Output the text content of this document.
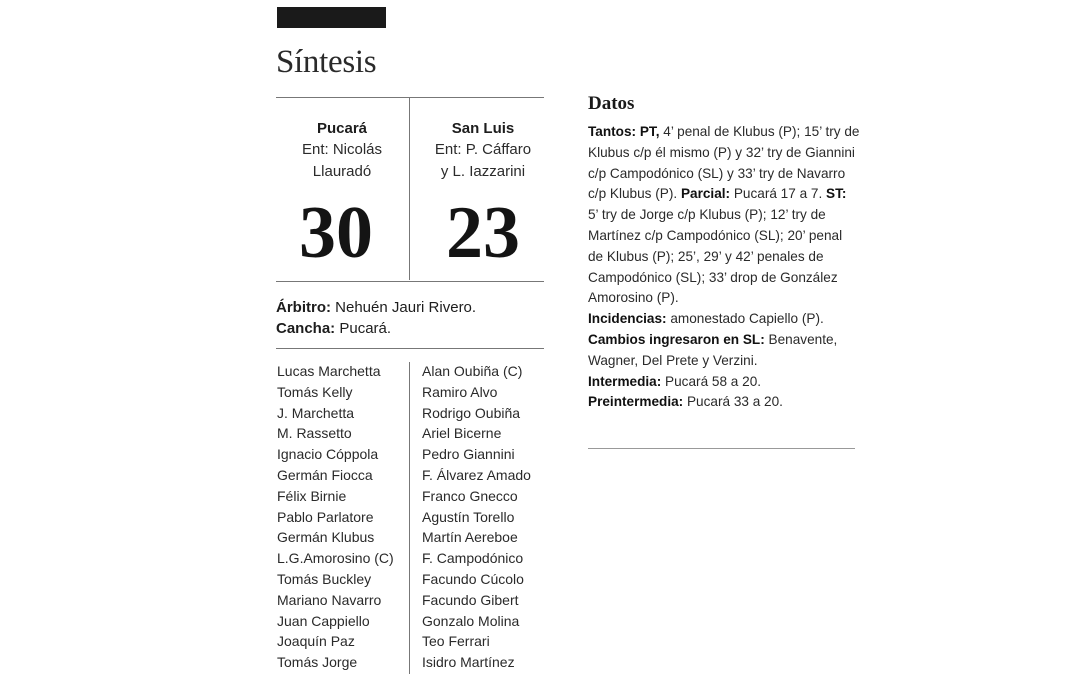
Síntesis
Pucará
Ent: Nicolás
Llauradó
San Luis
Ent: P. Cáffaro
y L. Iazzarini
30 23
Árbitro: Nehuén Jauri Rivero.
Cancha: Pucará.
Lucas Marchetta
Tomás Kelly
J. Marchetta
M. Rassetto
Ignacio Cóppola
Germán Fiocca
Félix Birnie
Pablo Parlatore
Germán Klubus
L.G.Amorosino (C)
Tomás Buckley
Mariano Navarro
Juan Cappiello
Joaquín Paz
Tomás Jorge
Alan Oubiña (C)
Ramiro Alvo
Rodrigo Oubiña
Ariel Bicerne
Pedro Giannini
F. Álvarez Amado
Franco Gnecco
Agustín Torello
Martín Aereboe
F. Campodónico
Facundo Cúcolo
Facundo Gibert
Gonzalo Molina
Teo Ferrari
Isidro Martínez
Datos
Tantos: PT, 4’ penal de Klubus (P); 15’ try de Klubus c/p él mismo (P) y 32’ try de Giannini c/p Campodónico (SL) y 33’ try de Navarro c/p Klubus (P). Parcial: Pucará 17 a 7. ST: 5’ try de Jorge c/p Klubus (P); 12’ try de Martínez c/p Campodónico (SL); 20’ penal de Klubus (P); 25’, 29’ y 42’ penales de Campodónico (SL); 33’ drop de González Amorosino (P).
Incidencias: amonestado Capiello (P).
Cambios ingresaron en SL: Benavente, Wagner, Del Prete y Verzini.
Intermedia: Pucará 58 a 20.
Preintermedia: Pucará 33 a 20.
